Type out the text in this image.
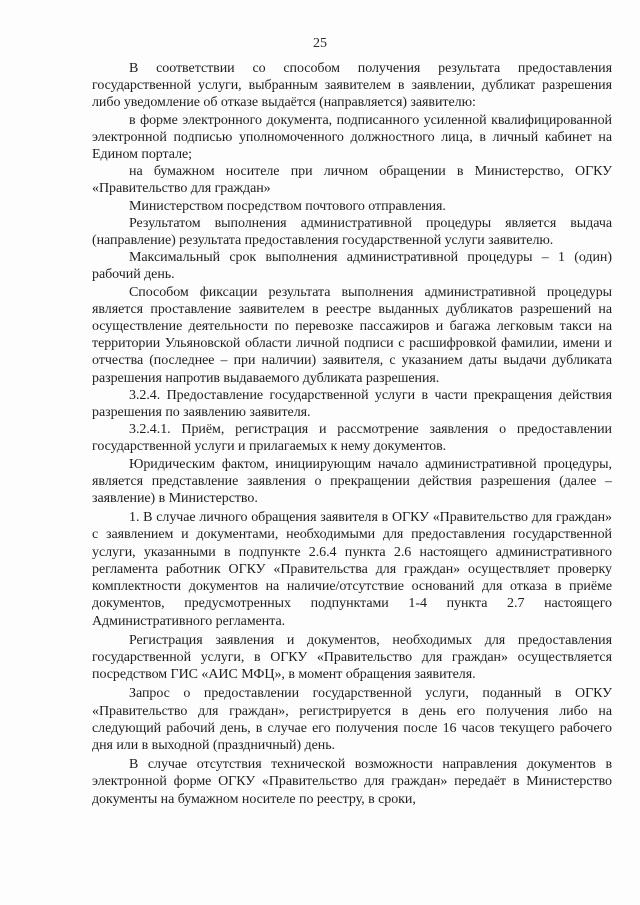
25

В соответствии со способом получения результата предоставления государственной услуги, выбранным заявителем в заявлении, дубликат разрешения либо уведомление об отказе выдаётся (направляется) заявителю:

в форме электронного документа, подписанного усиленной квалифицированной электронной подписью уполномоченного должностного лица, в личный кабинет на Едином портале;

на бумажном носителе при личном обращении в Министерство, ОГКУ «Правительство для граждан»

Министерством посредством почтового отправления.

Результатом выполнения административной процедуры является выдача (направление) результата предоставления государственной услуги заявителю.

Максимальный срок выполнения административной процедуры – 1 (один) рабочий день.

Способом фиксации результата выполнения административной процедуры является проставление заявителем в реестре выданных дубликатов разрешений на осуществление деятельности по перевозке пассажиров и багажа легковым такси на территории Ульяновской области личной подписи с расшифровкой фамилии, имени и отчества (последнее – при наличии) заявителя, с указанием даты выдачи дубликата разрешения напротив выдаваемого дубликата разрешения.

3.2.4. Предоставление государственной услуги в части прекращения действия разрешения по заявлению заявителя.

3.2.4.1. Приём, регистрация и рассмотрение заявления о предоставлении государственной услуги и прилагаемых к нему документов.

Юридическим фактом, инициирующим начало административной процедуры, является представление заявления о прекращении действия разрешения (далее – заявление) в Министерство.

1. В случае личного обращения заявителя в ОГКУ «Правительство для граждан» с заявлением и документами, необходимыми для предоставления государственной услуги, указанными в подпункте 2.6.4 пункта 2.6 настоящего административного регламента работник ОГКУ «Правительства для граждан» осуществляет проверку комплектности документов на наличие/отсутствие оснований для отказа в приёме документов, предусмотренных подпунктами 1-4 пункта 2.7 настоящего Административного регламента.

Регистрация заявления и документов, необходимых для предоставления государственной услуги, в ОГКУ «Правительство для граждан» осуществляется посредством ГИС «АИС МФЦ», в момент обращения заявителя.

Запрос о предоставлении государственной услуги, поданный в ОГКУ «Правительство для граждан», регистрируется в день его получения либо на следующий рабочий день, в случае его получения после 16 часов текущего рабочего дня или в выходной (праздничный) день.

В случае отсутствия технической возможности направления документов в электронной форме ОГКУ «Правительство для граждан» передаёт в Министерство документы на бумажном носителе по реестру, в сроки,
